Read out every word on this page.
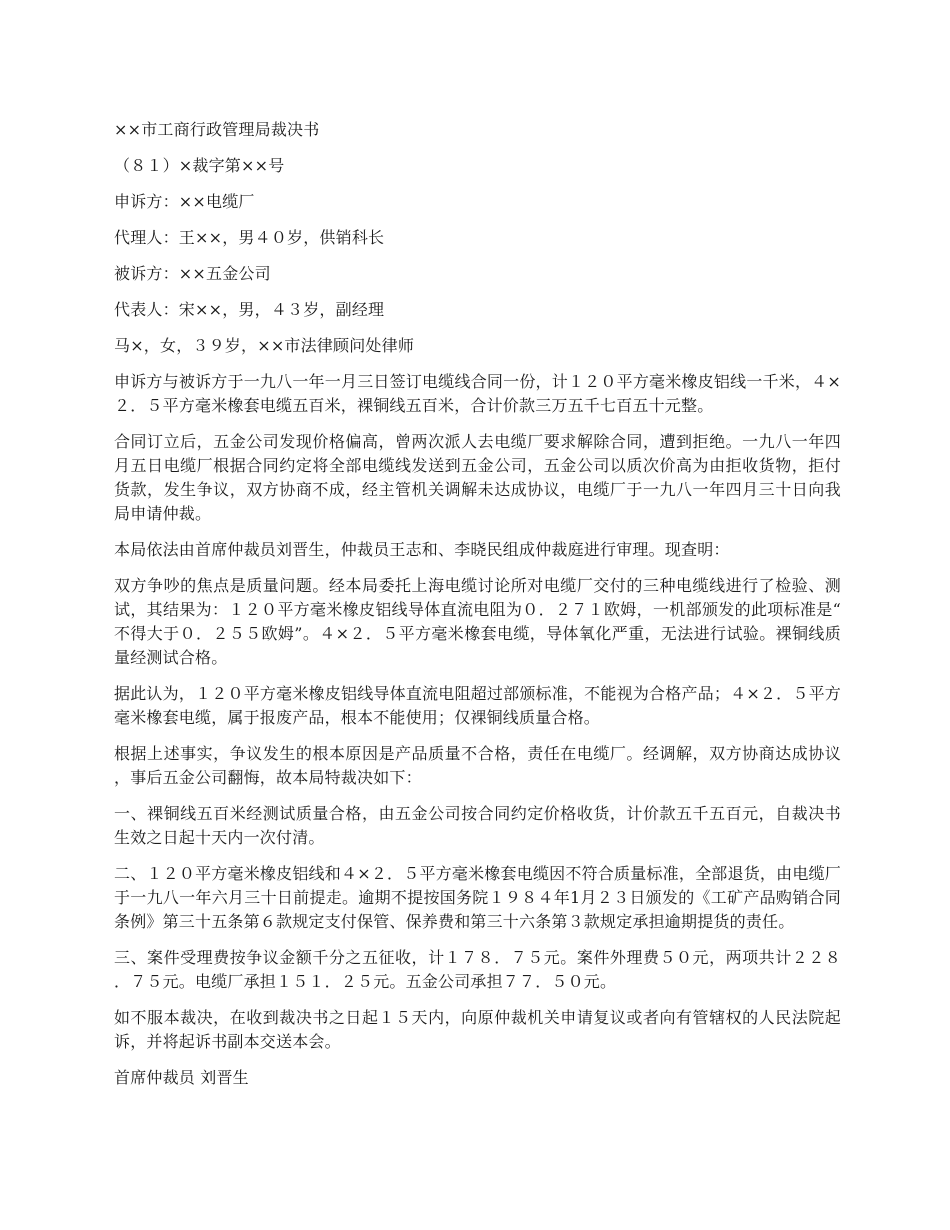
××市工商行政管理局裁决书

（８１）×裁字第××号

申诉方：××电缆厂

代理人：王××，男４０岁，供销科长

被诉方：××五金公司

代表人：宋××，男，４３岁，副经理

马×，女，３９岁，××市法律顾问处律师

申诉方与被诉方于一九八一年一月三日签订电缆线合同一份，计１２０平方毫米橡皮铝线一千米，４×２．５平方毫米橡套电缆五百米，裸铜线五百米，合计价款三万五千七百五十元整。

合同订立后，五金公司发现价格偏高，曾两次派人去电缆厂要求解除合同，遭到拒绝。一九八一年四月五日电缆厂根据合同约定将全部电缆线发送到五金公司，五金公司以质次价高为由拒收货物，拒付货款，发生争议，双方协商不成，经主管机关调解未达成协议，电缆厂于一九八一年四月三十日向我局申请仲裁。

本局依法由首席仲裁员刘晋生，仲裁员王志和、李晓民组成仲裁庭进行审理。现查明：

双方争吵的焦点是质量问题。经本局委托上海电缆讨论所对电缆厂交付的三种电缆线进行了检验、测试，其结果为：１２０平方毫米橡皮铝线导体直流电阻为０．２７１欧姆，一机部颁发的此项标准是“不得大于０．２５５欧姆”。４×２．５平方毫米橡套电缆，导体氧化严重，无法进行试验。裸铜线质量经测试合格。

据此认为，１２０平方毫米橡皮铝线导体直流电阻超过部颁标准，不能视为合格产品；４×２．５平方毫米橡套电缆，属于报废产品，根本不能使用；仅裸铜线质量合格。

根据上述事实，争议发生的根本原因是产品质量不合格，责任在电缆厂。经调解，双方协商达成协议，事后五金公司翻悔，故本局特裁决如下：

一、裸铜线五百米经测试质量合格，由五金公司按合同约定价格收货，计价款五千五百元，自裁决书生效之日起十天内一次付清。

二、１２０平方毫米橡皮铝线和４×２．５平方毫米橡套电缆因不符合质量标准，全部退货，由电缆厂于一九八一年六月三十日前提走。逾期不提按国务院１９８４年1月２３日颁发的《工矿产品购销合同条例》第三十五条第６款规定支付保管、保养费和第三十六条第３款规定承担逾期提货的责任。

三、案件受理费按争议金额千分之五征收，计１７８．７５元。案件外理费５０元，两项共计２２８．７５元。电缆厂承担１５１．２５元。五金公司承担７７．５０元。

如不服本裁决，在收到裁决书之日起１５天内，向原仲裁机关申请复议或者向有管辖权的人民法院起诉，并将起诉书副本交送本会。

首席仲裁员 刘晋生
